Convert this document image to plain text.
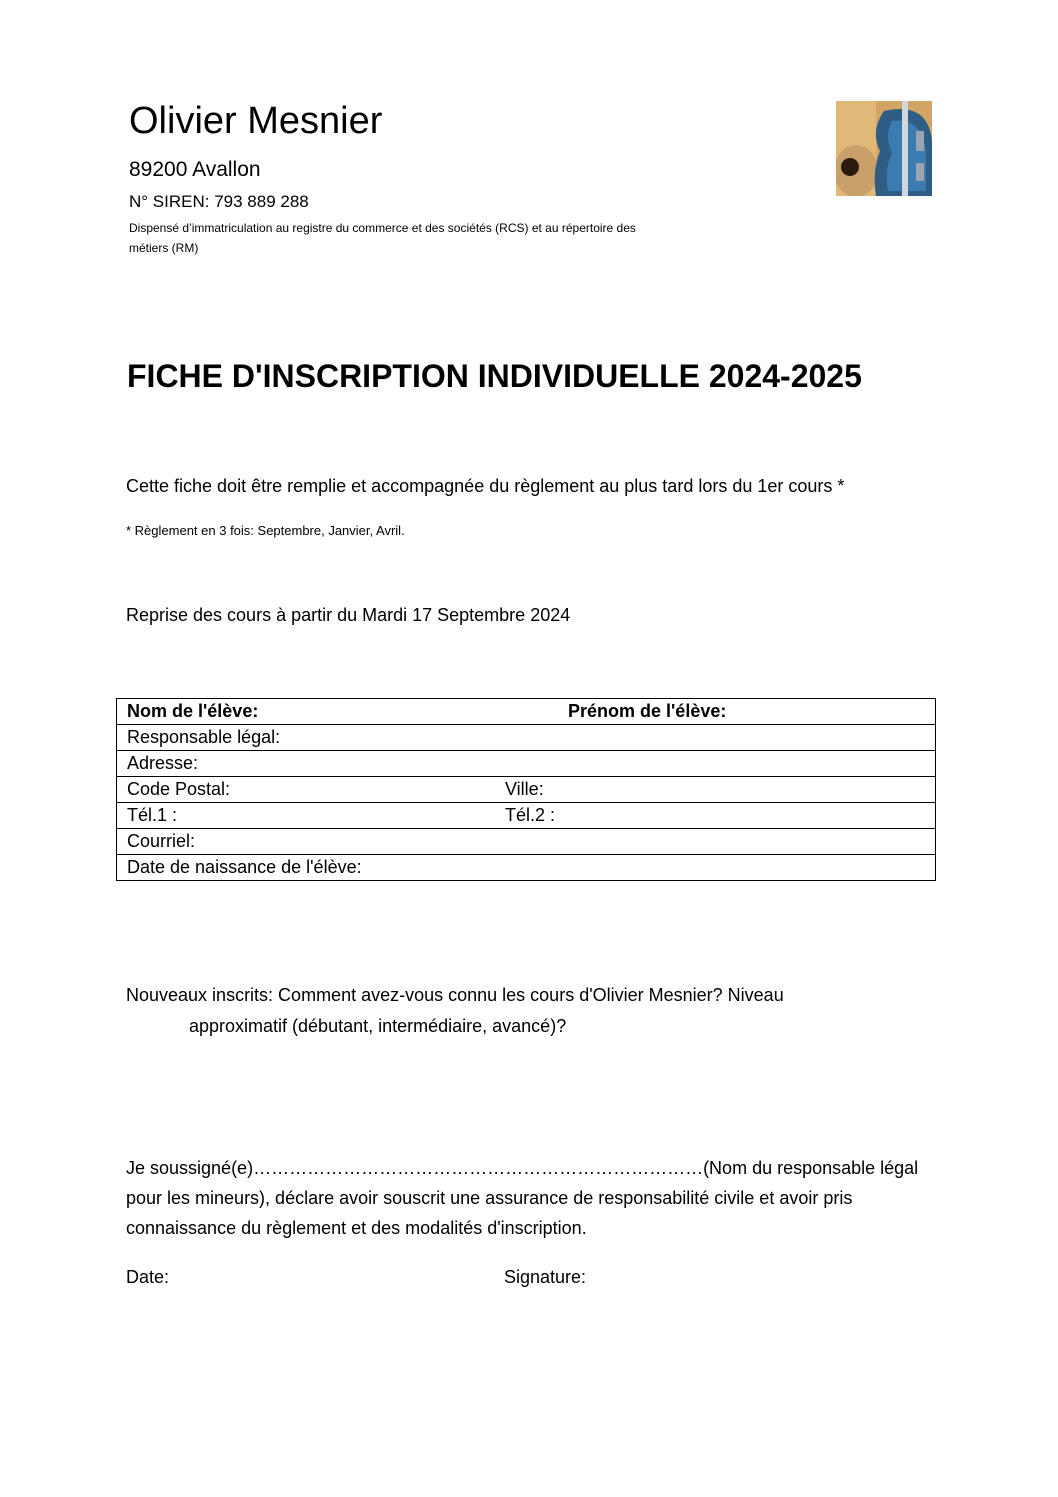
Olivier Mesnier
89200 Avallon
N° SIREN: 793 889 288
Dispensé d’immatriculation au registre du commerce et des sociétés (RCS) et au répertoire des métiers (RM)
FICHE D'INSCRIPTION INDIVIDUELLE 2024-2025
Cette fiche doit être remplie et accompagnée du règlement au plus tard lors du 1er cours *
* Règlement en 3 fois: Septembre, Janvier, Avril.
Reprise des cours à partir du Mardi 17 Septembre 2024
Nom de l'élève:	Prénom de l'élève:
Responsable légal:	
Adresse:	
Code Postal:	Ville:
Tél.1 :	Tél.2 :
Courriel:	
Date de naissance de l'élève:	
Nouveaux inscrits: Comment avez-vous connu les cours d'Olivier Mesnier? Niveau
approximatif (débutant, intermédiaire, avancé)?
Je soussigné(e)…………………………………………………………………(Nom du responsable légal
pour les mineurs), déclare avoir souscrit une assurance de responsabilité civile et avoir pris
connaissance du règlement et des modalités d'inscription.
Date:	Signature:
